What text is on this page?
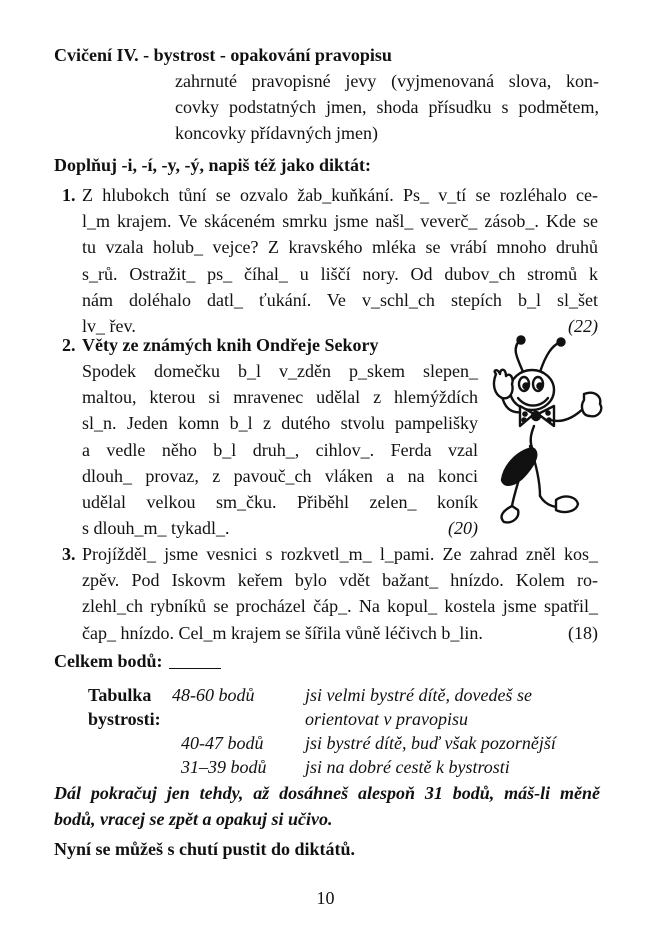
Cvičení IV. - bystrost - opakování pravopisu
zahrnuté pravopisné jevy (vyjmenovaná slova, kon-
covky podstatných jmen, shoda přísudku s podmětem,
koncovky přídavných jmen)
Doplňuj -i, -í, -y, -ý, napiš též jako diktát:
1. Z hlubokch tůní se ozvalo žab_kuňkání. Ps_ v_tí se rozléhalo ce-
l_m krajem. Ve skáceném smrku jsme našl_ veverč_ zásob_. Kde se
tu vzala holub_ vejce? Z kravského mléka se vrábí mnoho druhů
s_rů. Ostražit_ ps_ číhal_ u liščí nory. Od dubov_ch stromů k
nám doléhalo datl_ ťukání. Ve v_schl_ch stepích b_l sl_šet
lv_ řev.	(22)
2. Věty ze známých knih Ondřeje Sekory
Spodek domečku b_l v_zděn p_skem slepen_
maltou, kterou si mravenec udělal z hlemýždích
sl_n. Jeden komn b_l z dutého stvolu pampelišky
a vedle něho b_l druh_, cihlov_. Ferda vzal
dlouh_ provaz, z pavouč_ch vláken a na konci
udělal velkou sm_čku. Přiběhl zelen_ koník
s dlouh_m_ tykadl_.	(20)
3. Projížděl_ jsme vesnici s rozkvetl_m_ l_pami. Ze zahrad zněl kos_
zpěv. Pod Iskovm keřem bylo vdět bažant_ hnízdo. Kolem ro-
zlehl_ch rybníků se procházel čáp_. Na kopul_ kostela jsme spatřil_
čap_ hnízdo. Cel_m krajem se šířila vůně léčivch b_lin.	(18)
Celkem bodů:
Tabulka
bystrosti:
48-60 bodů	jsi velmi bystré dítě, dovedeš se
orientovat v pravopisu
40-47 bodů jsi bystré dítě, buď však pozornější
31–39 bodů jsi na dobré cestě k bystrosti
Dál pokračuj jen tehdy, až dosáhneš alespoň 31 bodů, máš-li měně
bodů, vracej se zpět a opakuj si učivo.
Nyní se můžeš s chutí pustit do diktátů.
10
